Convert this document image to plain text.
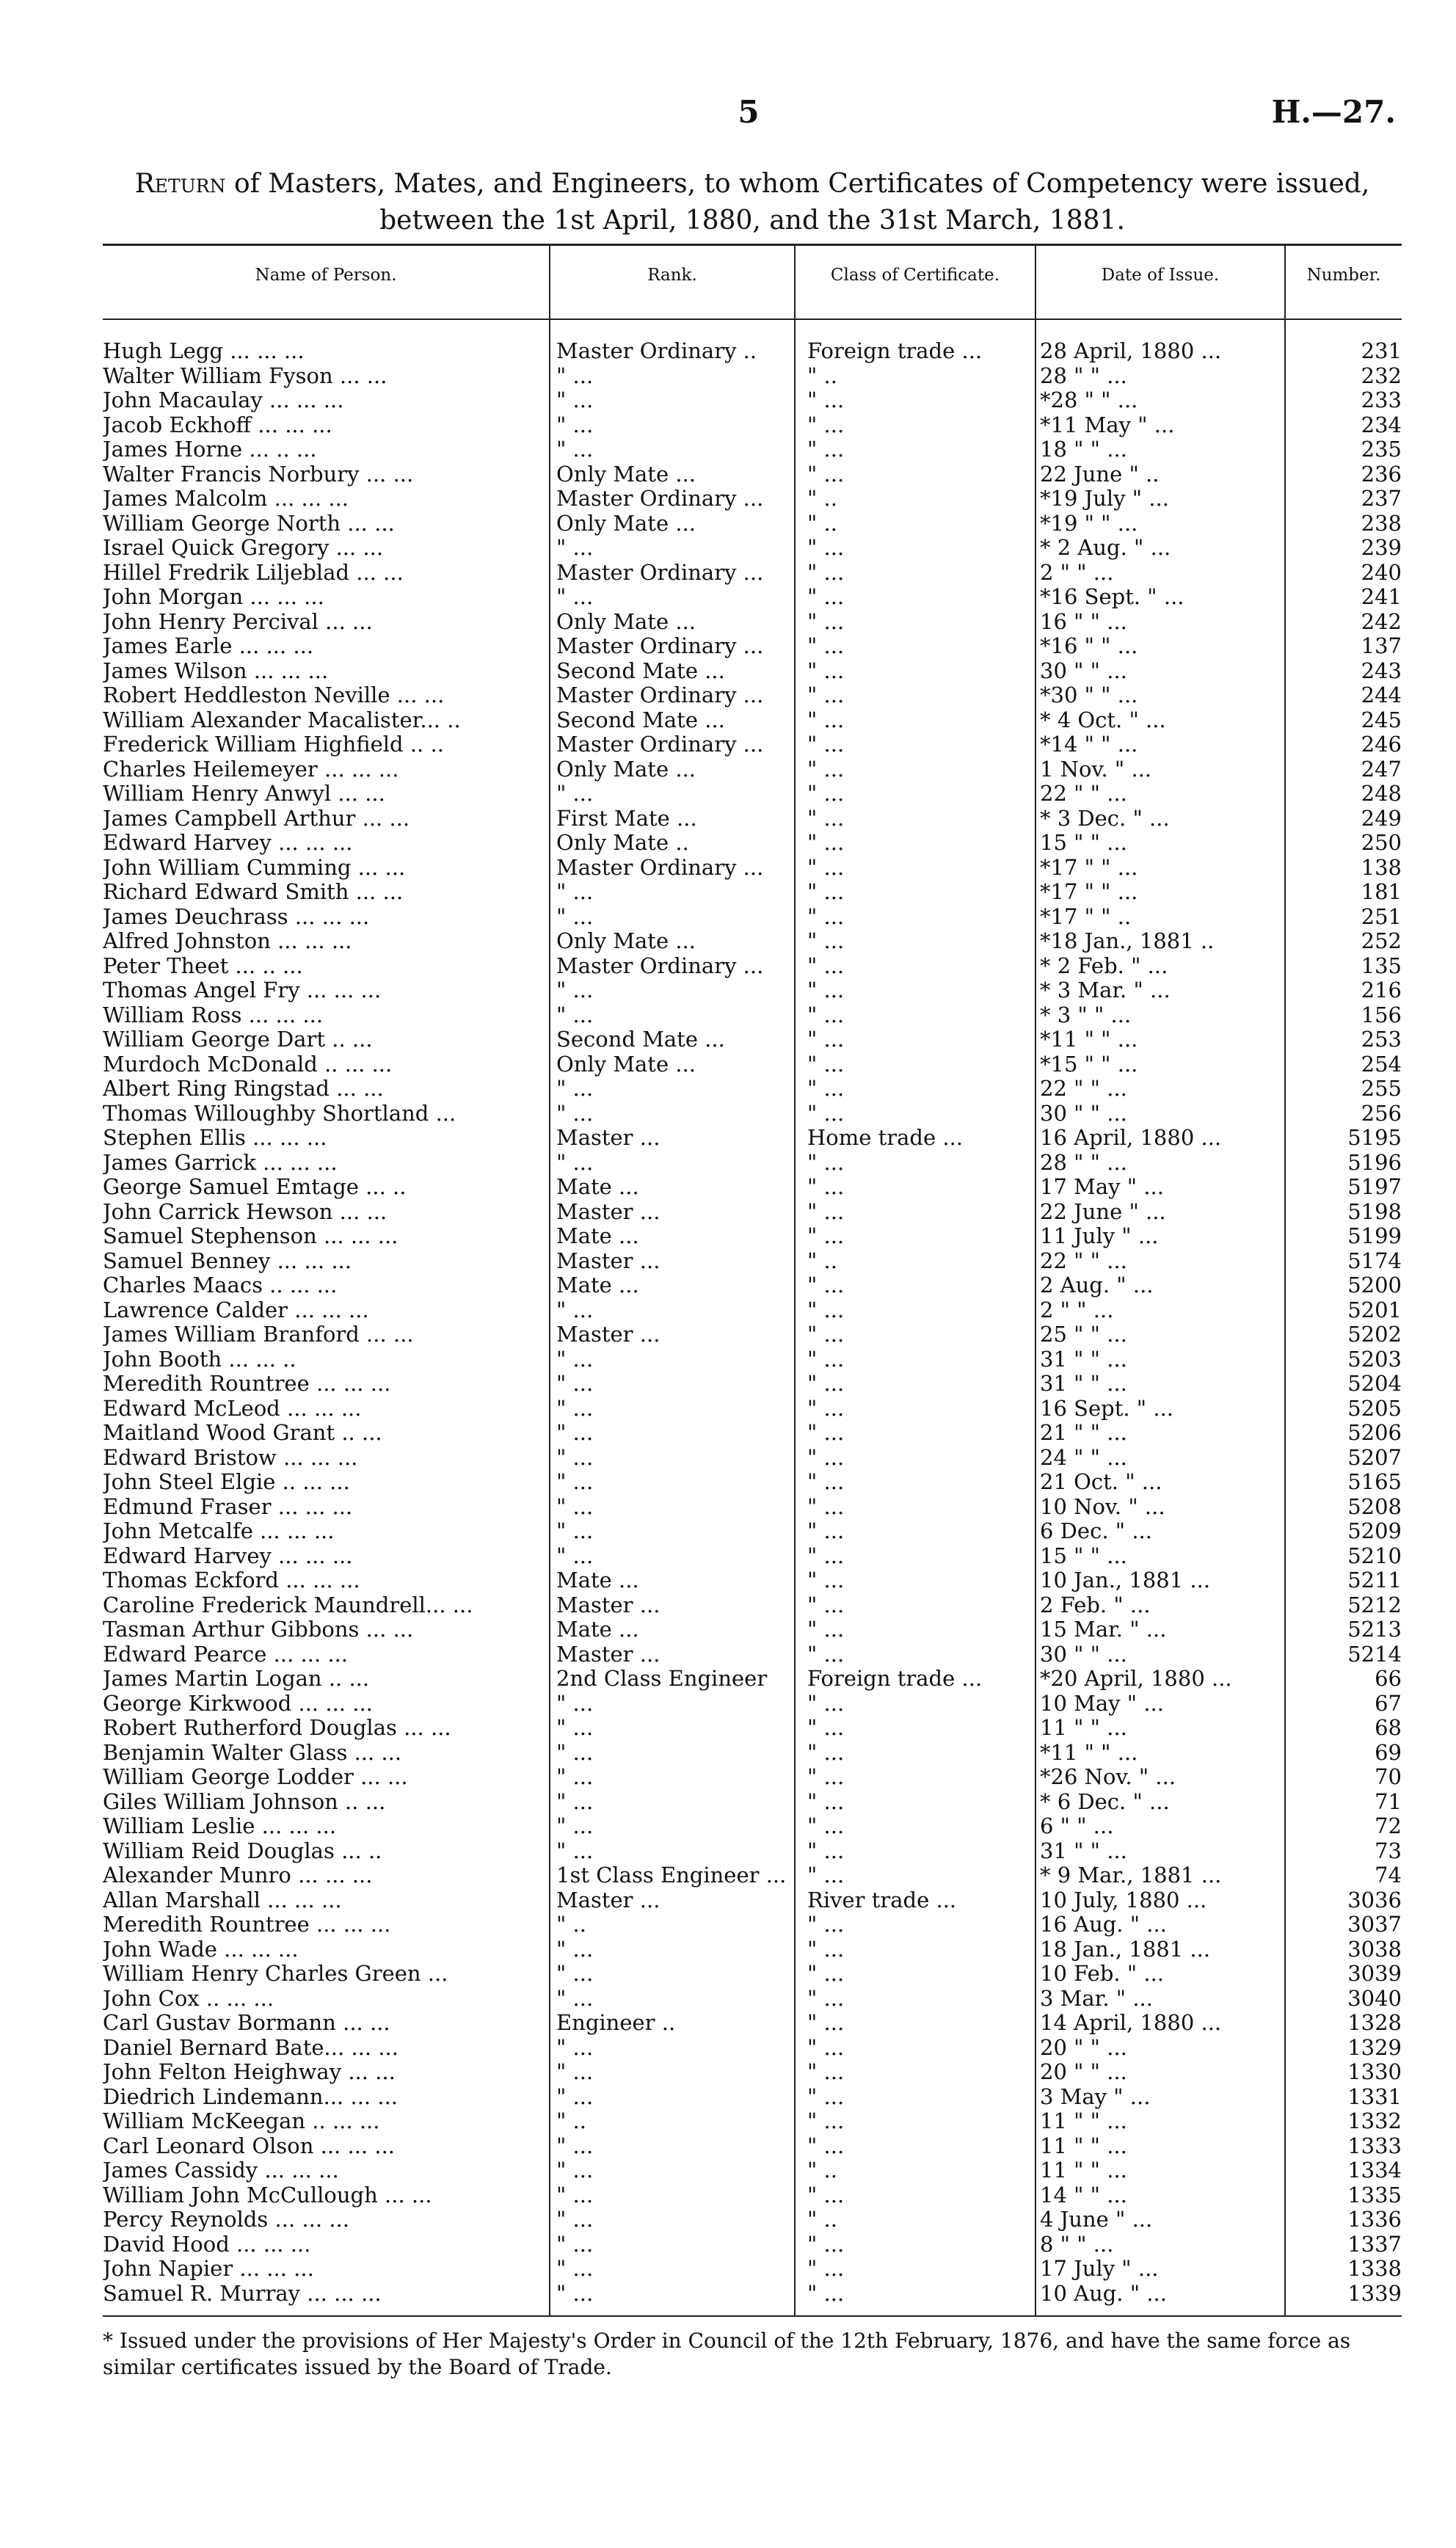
5	H.—27.
Return of Masters, Mates, and Engineers, to whom Certificates of Competency were issued, between the 1st April, 1880, and the 31st March, 1881.
Name of Person.	Rank.	Class of Certificate.	Date of Issue.	Number.
Hugh Legg ... ... ...	Master Ordinary ..	Foreign trade ...	28 April, 1880 ...	231
Walter William Fyson ... ...	" ...	" ..	28 " " ...	232
John Macaulay ... ... ...	" ...	" ...	*28 " " ...	233
Jacob Eckhoff ... ... ...	" ...	" ...	*11 May " ...	234
James Horne ... .. ...	" ...	" ...	18 " " ...	235
Walter Francis Norbury ... ...	Only Mate ...	" ...	22 June " ..	236
James Malcolm ... ... ...	Master Ordinary ...	" ..	*19 July " ...	237
William George North ... ...	Only Mate ...	" ..	*19 " " ...	238
Israel Quick Gregory ... ...	" ...	" ...	* 2 Aug. " ...	239
Hillel Fredrik Liljeblad ... ...	Master Ordinary ...	" ...	2 " " ...	240
John Morgan ... ... ...	" ...	" ...	*16 Sept. " ...	241
John Henry Percival ... ...	Only Mate ...	" ...	16 " " ...	242
James Earle ... ... ...	Master Ordinary ...	" ...	*16 " " ...	137
James Wilson ... ... ...	Second Mate ...	" ...	30 " " ...	243
Robert Heddleston Neville ... ...	Master Ordinary ...	" ...	*30 " " ...	244
William Alexander Macalister... ..	Second Mate ...	" ...	* 4 Oct. " ...	245
Frederick William Highfield .. ..	Master Ordinary ...	" ...	*14 " " ...	246
Charles Heilemeyer ... ... ...	Only Mate ...	" ...	1 Nov. " ...	247
William Henry Anwyl ... ...	" ...	" ...	22 " " ...	248
James Campbell Arthur ... ...	First Mate ...	" ...	* 3 Dec. " ...	249
Edward Harvey ... ... ...	Only Mate ..	" ...	15 " " ...	250
John William Cumming ... ...	Master Ordinary ...	" ...	*17 " " ...	138
Richard Edward Smith ... ...	" ...	" ...	*17 " " ...	181
James Deuchrass ... ... ...	" ...	" ...	*17 " " ..	251
Alfred Johnston ... ... ...	Only Mate ...	" ...	*18 Jan., 1881 ..	252
Peter Theet ... .. ...	Master Ordinary ...	" ...	* 2 Feb. " ...	135
Thomas Angel Fry ... ... ...	" ...	" ...	* 3 Mar. " ...	216
William Ross ... ... ...	" ...	" ...	* 3 " " ...	156
William George Dart .. ...	Second Mate ...	" ...	*11 " " ...	253
Murdoch McDonald .. ... ...	Only Mate ...	" ...	*15 " " ...	254
Albert Ring Ringstad ... ...	" ...	" ...	22 " " ...	255
Thomas Willoughby Shortland ...	" ...	" ...	30 " " ...	256
Stephen Ellis ... ... ...	Master ...	Home trade ...	16 April, 1880 ...	5195
James Garrick ... ... ...	" ...	" ...	28 " " ...	5196
George Samuel Emtage ... ..	Mate ...	" ...	17 May " ...	5197
John Carrick Hewson ... ...	Master ...	" ...	22 June " ...	5198
Samuel Stephenson ... ... ...	Mate ...	" ...	11 July " ...	5199
Samuel Benney ... ... ...	Master ...	" ..	22 " " ...	5174
Charles Maacs .. ... ...	Mate ...	" ...	2 Aug. " ...	5200
Lawrence Calder ... ... ...	" ...	" ...	2 " " ...	5201
James William Branford ... ...	Master ...	" ...	25 " " ...	5202
John Booth ... ... ..	" ...	" ...	31 " " ...	5203
Meredith Rountree ... ... ...	" ...	" ...	31 " " ...	5204
Edward McLeod ... ... ...	" ...	" ...	16 Sept. " ...	5205
Maitland Wood Grant .. ...	" ...	" ...	21 " " ...	5206
Edward Bristow ... ... ...	" ...	" ...	24 " " ...	5207
John Steel Elgie .. ... ...	" ...	" ...	21 Oct. " ...	5165
Edmund Fraser ... ... ...	" ...	" ...	10 Nov. " ...	5208
John Metcalfe ... ... ...	" ...	" ...	6 Dec. " ...	5209
Edward Harvey ... ... ...	" ...	" ...	15 " " ...	5210
Thomas Eckford ... ... ...	Mate ...	" ...	10 Jan., 1881 ...	5211
Caroline Frederick Maundrell... ...	Master ...	" ...	2 Feb. " ...	5212
Tasman Arthur Gibbons ... ...	Mate ...	" ...	15 Mar. " ...	5213
Edward Pearce ... ... ...	Master ...	" ...	30 " " ...	5214
James Martin Logan .. ...	2nd Class Engineer	Foreign trade ...	*20 April, 1880 ...	66
George Kirkwood ... ... ...	" ...	" ...	10 May " ...	67
Robert Rutherford Douglas ... ...	" ...	" ...	11 " " ...	68
Benjamin Walter Glass ... ...	" ...	" ...	*11 " " ...	69
William George Lodder ... ...	" ...	" ...	*26 Nov. " ...	70
Giles William Johnson .. ...	" ...	" ...	* 6 Dec. " ...	71
William Leslie ... ... ...	" ...	" ...	6 " " ...	72
William Reid Douglas ... ..	" ...	" ...	31 " " ...	73
Alexander Munro ... ... ...	1st Class Engineer ... " ...	* 9 Mar., 1881 ...	74
Allan Marshall ... ... ...	Master ...	River trade ...	10 July, 1880 ...	3036
Meredith Rountree ... ... ...	" ..	" ...	16 Aug. " ...	3037
John Wade ... ... ...	" ...	" ...	18 Jan., 1881 ...	3038
William Henry Charles Green ...	" ...	" ...	10 Feb. " ...	3039
John Cox .. ... ...	" ...	" ...	3 Mar. " ...	3040
Carl Gustav Bormann ... ...	Engineer ..	" ...	14 April, 1880 ...	1328
Daniel Bernard Bate... ... ...	" ...	" ...	20 " " ...	1329
John Felton Heighway ... ...	" ...	" ...	20 " " ...	1330
Diedrich Lindemann... ... ...	" ...	" ...	3 May " ...	1331
William McKeegan .. ... ...	" ..	" ...	11 " " ...	1332
Carl Leonard Olson ... ... ...	" ...	" ...	11 " " ...	1333
James Cassidy ... ... ...	" ...	" ..	11 " " ...	1334
William John McCullough ... ...	" ...	" ...	14 " " ...	1335
Percy Reynolds ... ... ...	" ...	" ..	4 June " ...	1336
David Hood ... ... ...	" ...	" ...	8 " " ...	1337
John Napier ... ... ...	" ...	" ...	17 July " ...	1338
Samuel R. Murray ... ... ...	" ...	" ...	10 Aug. " ...	1339
* Issued under the provisions of Her Majesty's Order in Council of the 12th February, 1876, and have the same force as similar certificates issued by the Board of Trade.
